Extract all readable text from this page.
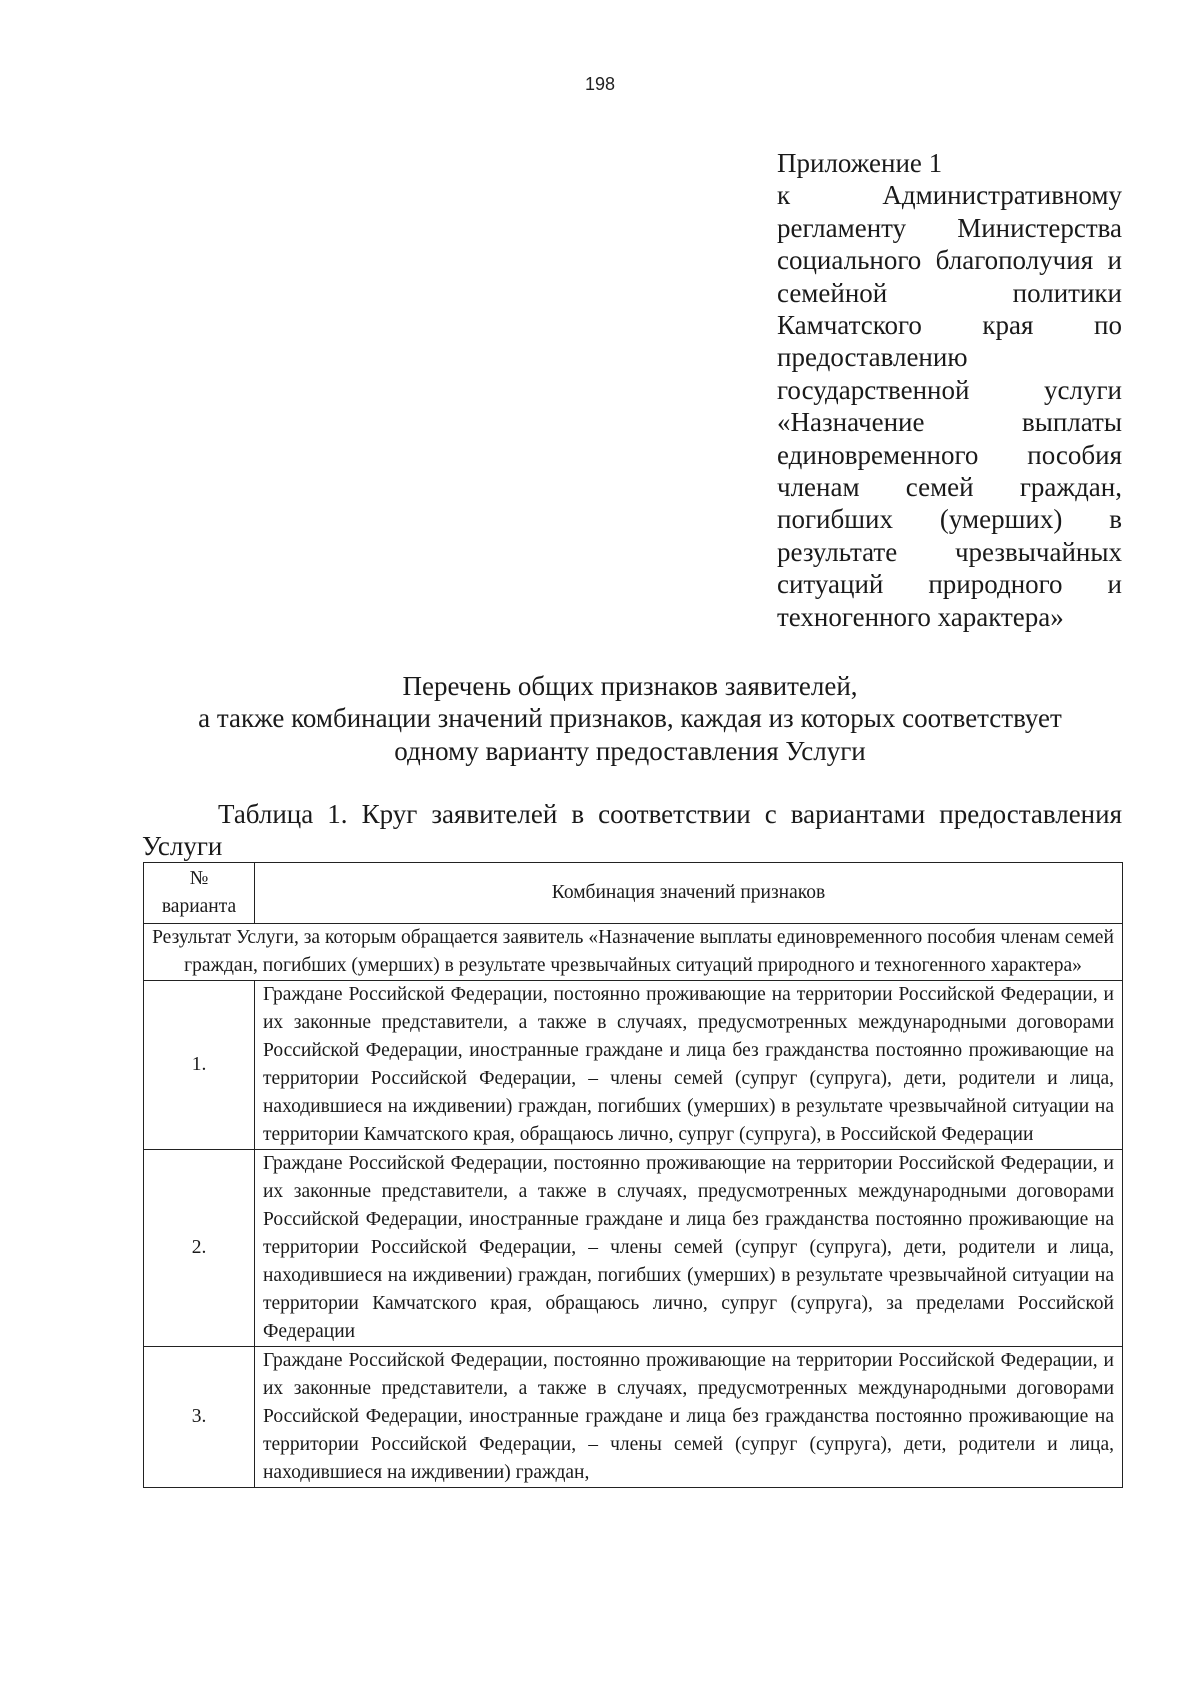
198
Приложение 1
к Административному регламенту Министерства социального благополучия и семейной политики Камчатского края по предоставлению государственной услуги «Назначение выплаты единовременного пособия членам семей граждан, погибших (умерших) в результате чрезвычайных ситуаций природного и техногенного характера»
Перечень общих признаков заявителей,
а также комбинации значений признаков, каждая из которых соответствует
одному варианту предоставления Услуги
Таблица 1. Круг заявителей в соответствии с вариантами предоставления Услуги
№
варианта	Комбинация значений признаков
Результат Услуги, за которым обращается заявитель «Назначение выплаты единовременного пособия членам семей граждан, погибших (умерших) в результате чрезвычайных ситуаций природного и техногенного характера»	
1.	Граждане Российской Федерации, постоянно проживающие на территории Российской Федерации, и их законные представители, а также в случаях, предусмотренных международными договорами Российской Федерации, иностранные граждане и лица без гражданства постоянно проживающие на территории Российской Федерации, – члены семей (супруг (супруга), дети, родители и лица, находившиеся на иждивении) граждан, погибших (умерших) в результате чрезвычайной ситуации на территории Камчатского края, обращаюсь лично, супруг (супруга), в Российской Федерации
2.	Граждане Российской Федерации, постоянно проживающие на территории Российской Федерации, и их законные представители, а также в случаях, предусмотренных международными договорами Российской Федерации, иностранные граждане и лица без гражданства постоянно проживающие на территории Российской Федерации, – члены семей (супруг (супруга), дети, родители и лица, находившиеся на иждивении) граждан, погибших (умерших) в результате чрезвычайной ситуации на территории Камчатского края, обращаюсь лично, супруг (супруга), за пределами Российской Федерации
3.	Граждане Российской Федерации, постоянно проживающие на территории Российской Федерации, и их законные представители, а также в случаях, предусмотренных международными договорами Российской Федерации, иностранные граждане и лица без гражданства постоянно проживающие на территории Российской Федерации, – члены семей (супруг (супруга), дети, родители и лица, находившиеся на иждивении) граждан,
